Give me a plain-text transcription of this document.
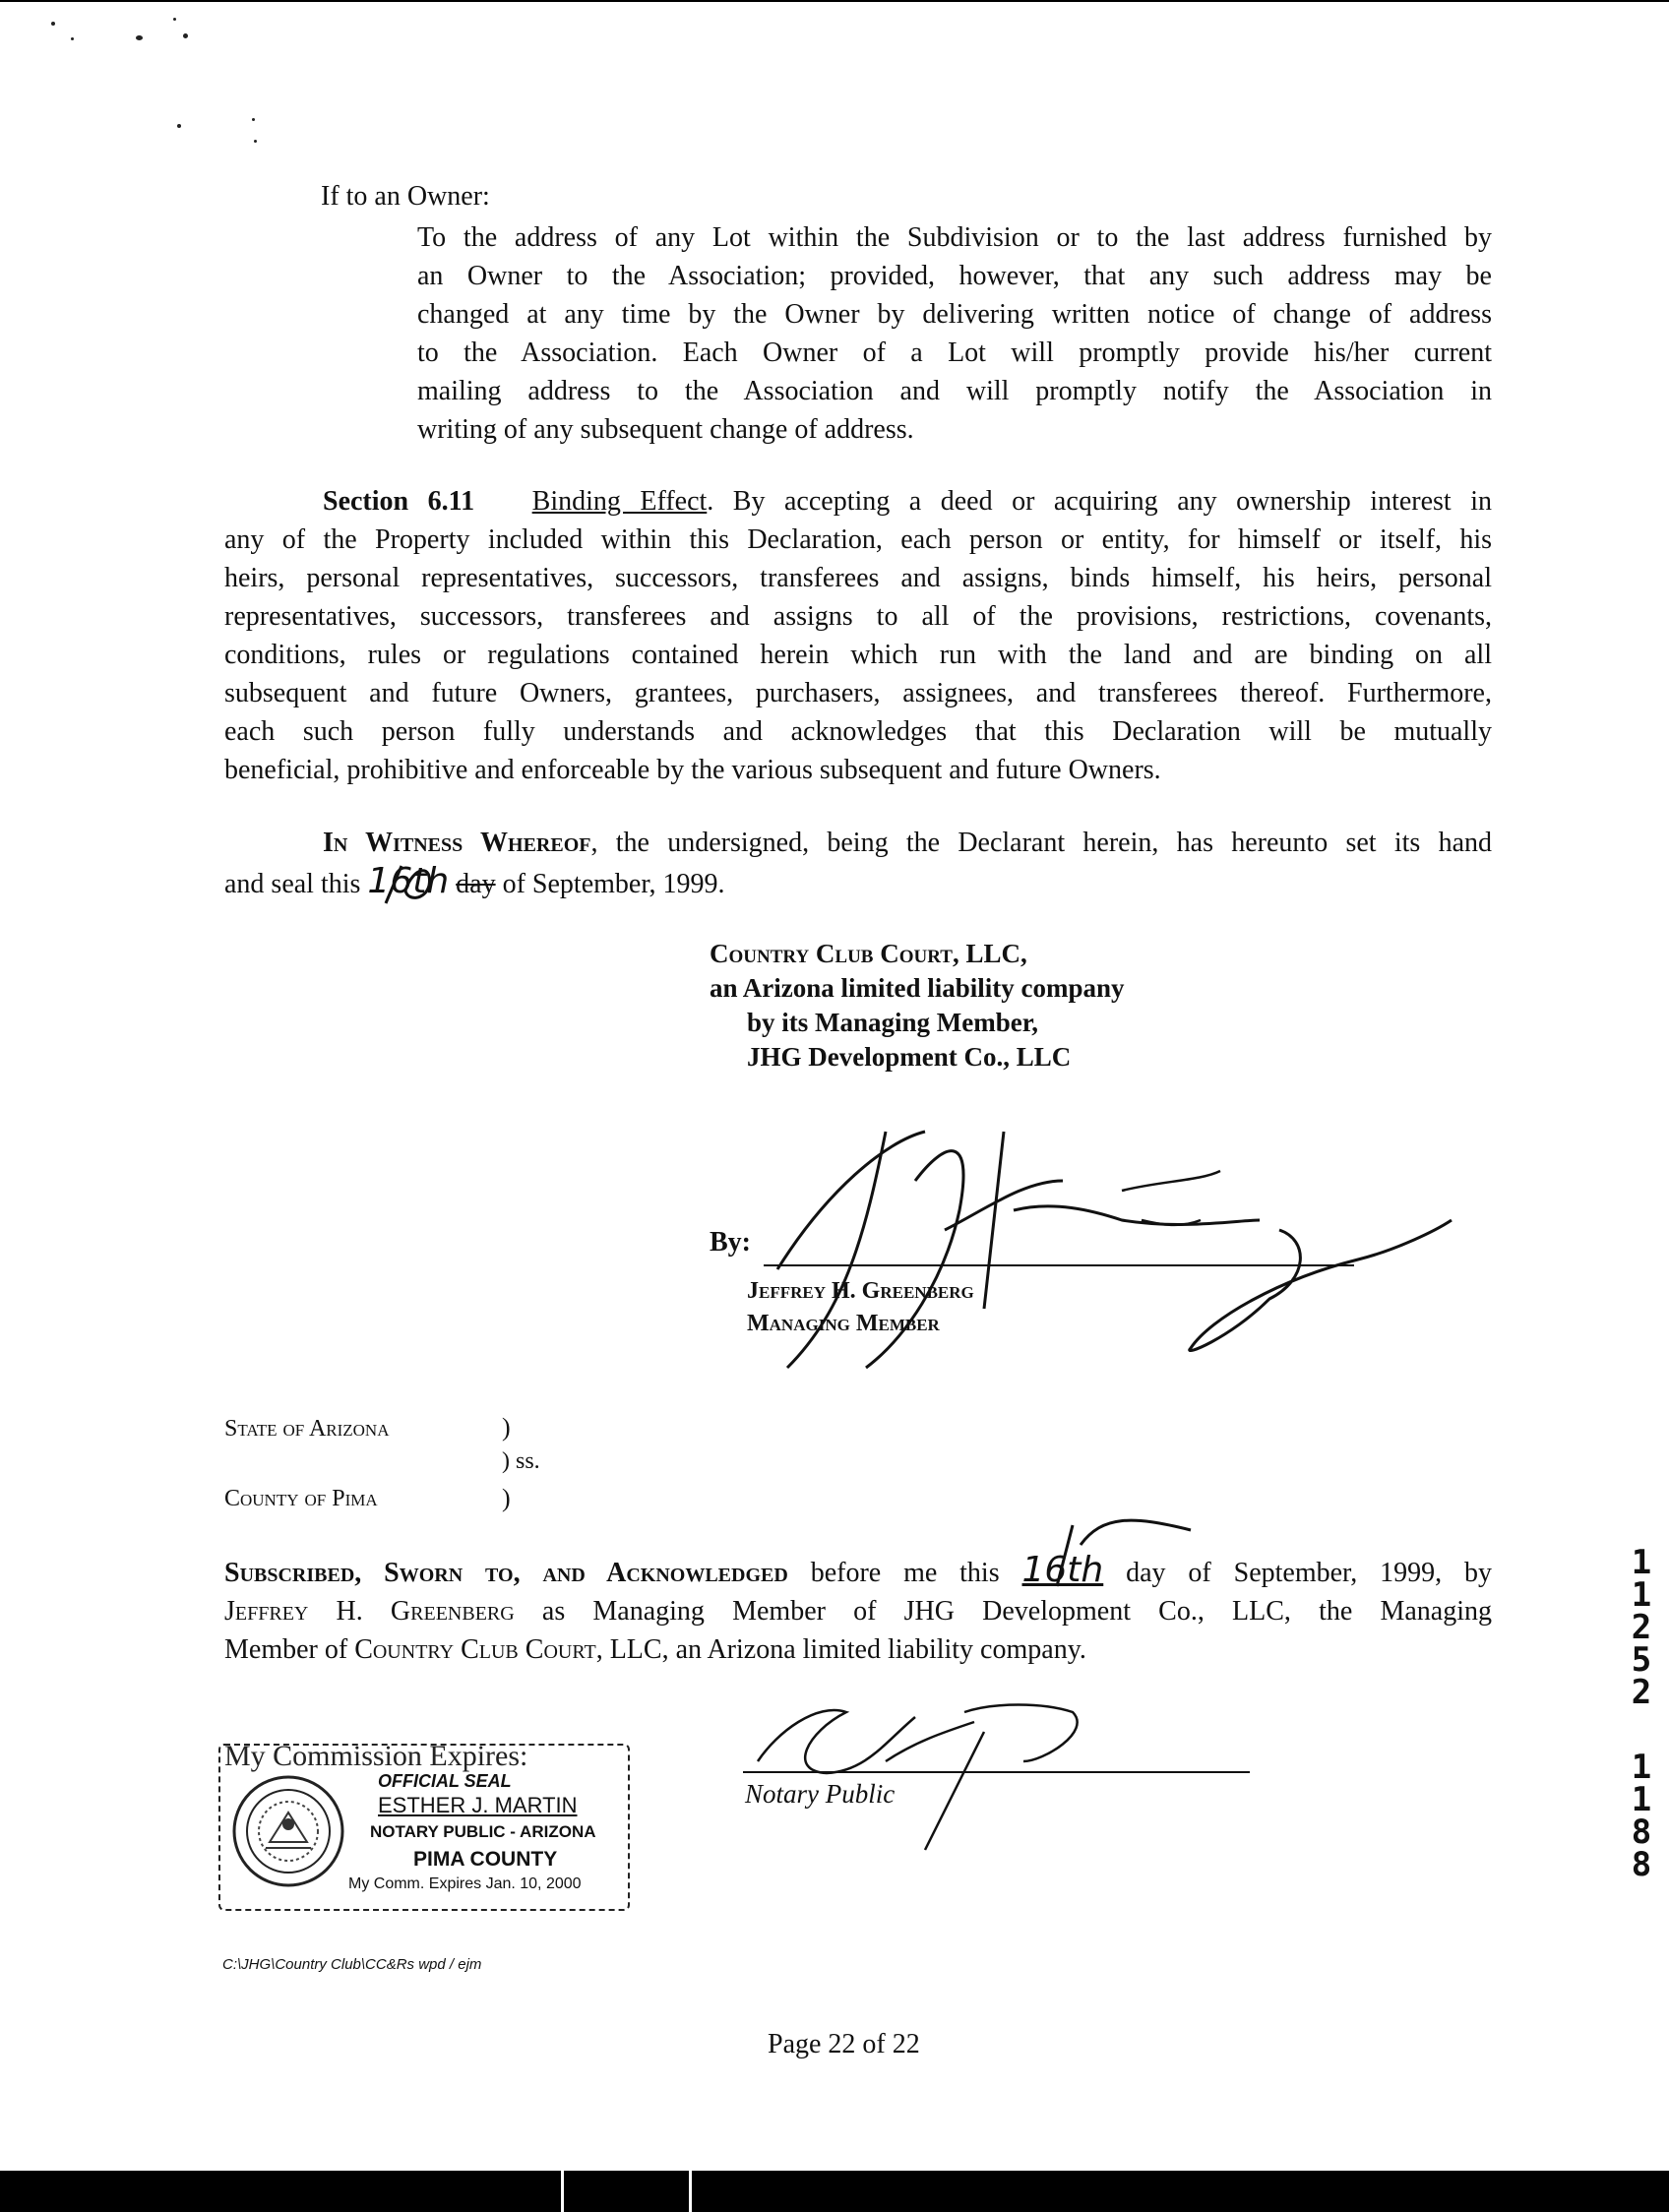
If to an Owner:
To the address of any Lot within the Subdivision or to the last address furnished by
an Owner to the Association; provided, however, that any such address may be
changed at any time by the Owner by delivering written notice of change of address
to the Association. Each Owner of a Lot will promptly provide his/her current
mailing address to the Association and will promptly notify the Association in
writing of any subsequent change of address.
Section 6.11 Binding Effect. By accepting a deed or acquiring any ownership interest in
any of the Property included within this Declaration, each person or entity, for himself or itself, his
heirs, personal representatives, successors, transferees and assigns, binds himself, his heirs, personal
representatives, successors, transferees and assigns to all of the provisions, restrictions, covenants,
conditions, rules or regulations contained herein which run with the land and are binding on all
subsequent and future Owners, grantees, purchasers, assignees, and transferees thereof. Furthermore,
each such person fully understands and acknowledges that this Declaration will be mutually
beneficial, prohibitive and enforceable by the various subsequent and future Owners.
In Witness Whereof, the undersigned, being the Declarant herein, has hereunto set its hand
and seal this 16th day of September, 1999.
Country Club Court, LLC,
an Arizona limited liability company
by its Managing Member,
JHG Development Co., LLC
By:
Jeffrey H. Greenberg
Managing Member
State of Arizona
County of Pima
)
) ss.
)
Subscribed, Sworn to, and Acknowledged before me this 16th day of September, 1999, by
Jeffrey H. Greenberg as Managing Member of JHG Development Co., LLC, the Managing
Member of Country Club Court, LLC, an Arizona limited liability company.
My Commission Expires:
OFFICIAL SEAL
ESTHER J. MARTIN
NOTARY PUBLIC - ARIZONA
PIMA COUNTY
My Comm. Expires Jan. 10, 2000
Notary Public
C:\JHG\Country Club\CC&Rs wpd / ejm
Page 22 of 22
1
1
2
5
2
1
1
8
8
